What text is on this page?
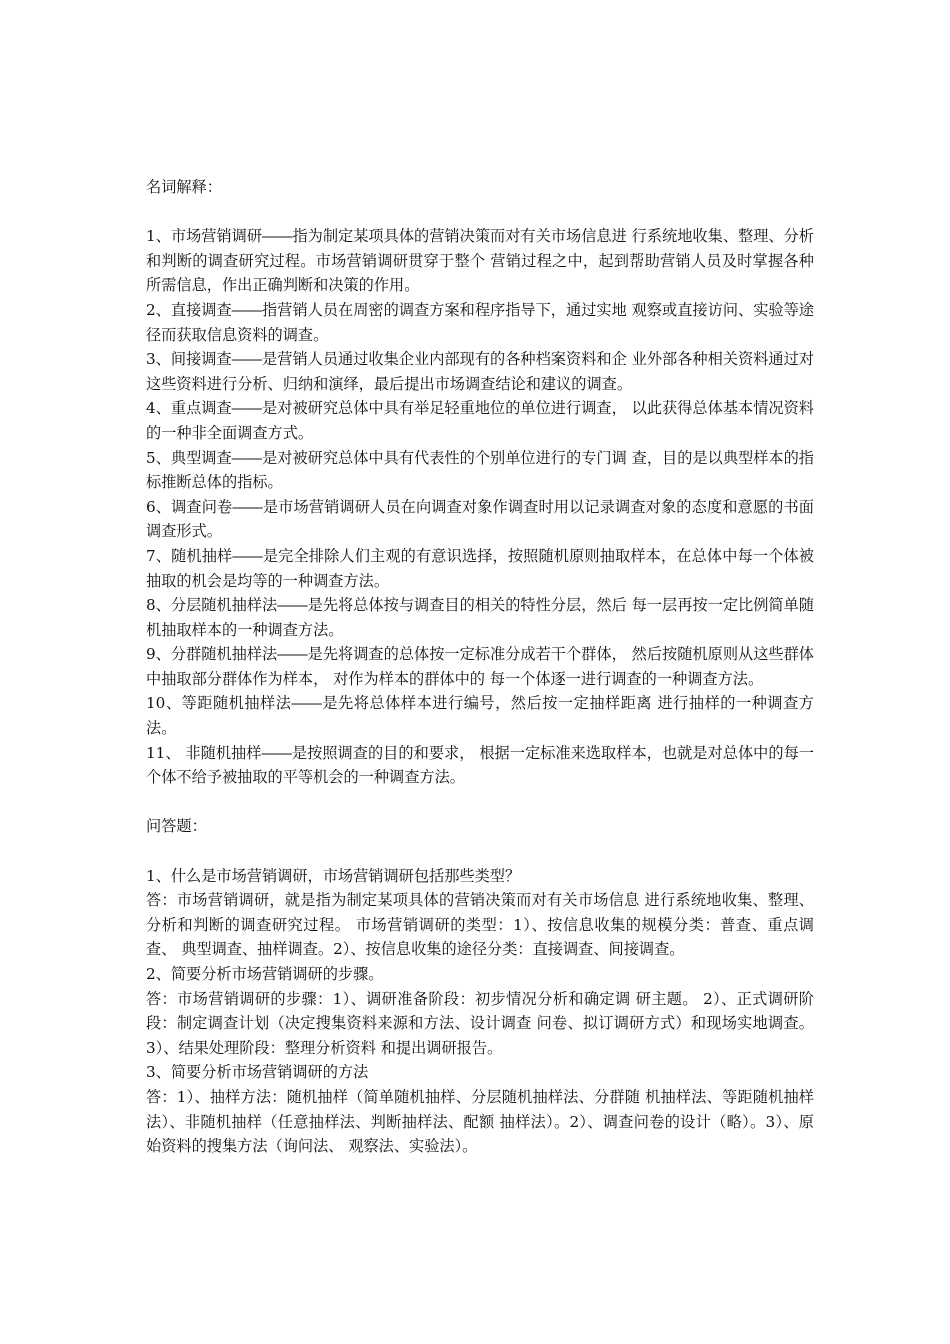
名词解释：

1、市场营销调研――指为制定某项具体的营销决策而对有关市场信息进 行系统地收集、整理、分析和判断的调查研究过程。市场营销调研贯穿于整个 营销过程之中，起到帮助营销人员及时掌握各种所需信息，作出正确判断和决策的作用。

2、直接调查――指营销人员在周密的调查方案和程序指导下，通过实地 观察或直接访问、实验等途径而获取信息资料的调查。

3、间接调查――是营销人员通过收集企业内部现有的各种档案资料和企 业外部各种相关资料通过对这些资料进行分析、归纳和演绎，最后提出市场调查结论和建议的调查。

4、重点调查――是对被研究总体中具有举足轻重地位的单位进行调查， 以此获得总体基本情况资料的一种非全面调查方式。

5、典型调查――是对被研究总体中具有代表性的个别单位进行的专门调 查，目的是以典型样本的指标推断总体的指标。

6、调查问卷――是市场营销调研人员在向调查对象作调查时用以记录调查对象的态度和意愿的书面调查形式。

7、随机抽样――是完全排除人们主观的有意识选择，按照随机原则抽取样本，在总体中每一个体被抽取的机会是均等的一种调查方法。

8、分层随机抽样法――是先将总体按与调查目的相关的特性分层，然后 每一层再按一定比例简单随机抽取样本的一种调查方法。

9、分群随机抽样法――是先将调查的总体按一定标准分成若干个群体， 然后按随机原则从这些群体中抽取部分群体作为样本， 对作为样本的群体中的 每一个体逐一进行调查的一种调查方法。

10、等距随机抽样法――是先将总体样本进行编号，然后按一定抽样距离 进行抽样的一种调查方法。

11、 非随机抽样――是按照调查的目的和要求， 根据一定标准来选取样本，也就是对总体中的每一个体不给予被抽取的平等机会的一种调查方法。

问答题：

1、什么是市场营销调研，市场营销调研包括那些类型？

答：市场营销调研，就是指为制定某项具体的营销决策而对有关市场信息 进行系统地收集、整理、分析和判断的调查研究过程。 市场营销调研的类型：1）、按信息收集的规模分类：普查、重点调查、 典型调查、抽样调查。2）、按信息收集的途径分类：直接调查、间接调查。

2、简要分析市场营销调研的步骤。

答：市场营销调研的步骤：1）、调研准备阶段：初步情况分析和确定调 研主题。 2）、正式调研阶段：制定调查计划（决定搜集资料来源和方法、设计调查 问卷、拟订调研方式）和现场实地调查。3）、结果处理阶段：整理分析资料 和提出调研报告。

3、简要分析市场营销调研的方法

答：1）、抽样方法：随机抽样（简单随机抽样、分层随机抽样法、分群随 机抽样法、等距随机抽样法）、非随机抽样（任意抽样法、判断抽样法、配额 抽样法）。2）、调查问卷的设计（略）。3）、原始资料的搜集方法（询问法、 观察法、实验法）。
